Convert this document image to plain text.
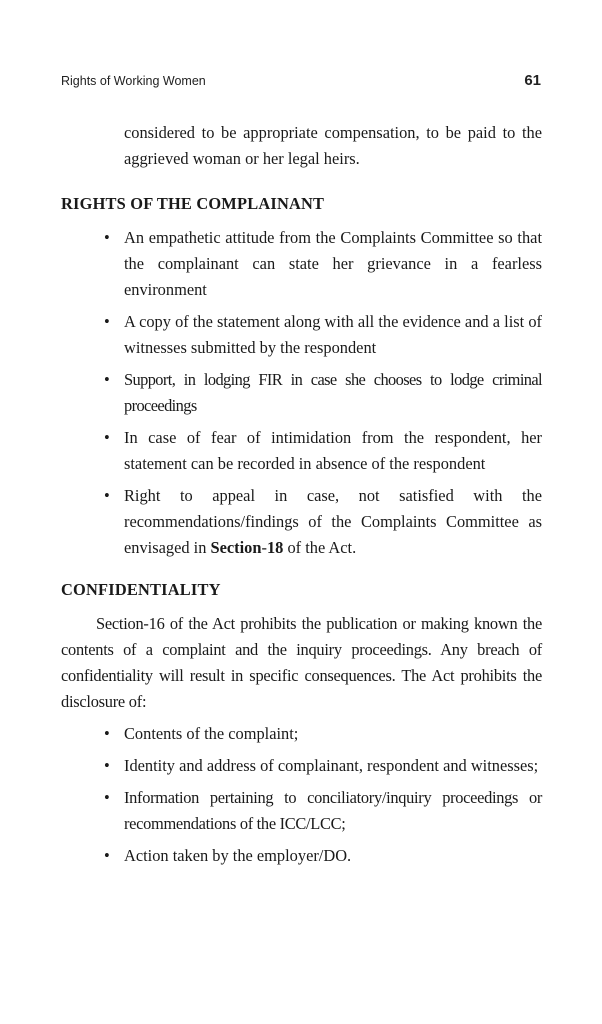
Rights of Working Women	61

considered to be appropriate compensation, to be paid to the aggrieved woman or her legal heirs.

RIGHTS OF THE COMPLAINANT
• An empathetic attitude from the Complaints Committee so that the complainant can state her grievance in a fearless environment
• A copy of the statement along with all the evidence and a list of witnesses submitted by the respondent
• Support, in lodging FIR in case she chooses to lodge criminal proceedings
• In case of fear of intimidation from the respondent, her statement can be recorded in absence of the respondent
• Right to appeal in case, not satisfied with the recommendations/findings of the Complaints Committee as envisaged in Section-18 of the Act.
CONFIDENTIALITY

Section-16 of the Act prohibits the publication or making known the contents of a complaint and the inquiry proceedings. Any breach of confidentiality will result in specific consequences. The Act prohibits the disclosure of:

• Contents of the complaint;
• Identity and address of complainant, respondent and witnesses;
• Information pertaining to conciliatory/inquiry proceedings or recommendations of the ICC/LCC;
• Action taken by the employer/DO.
